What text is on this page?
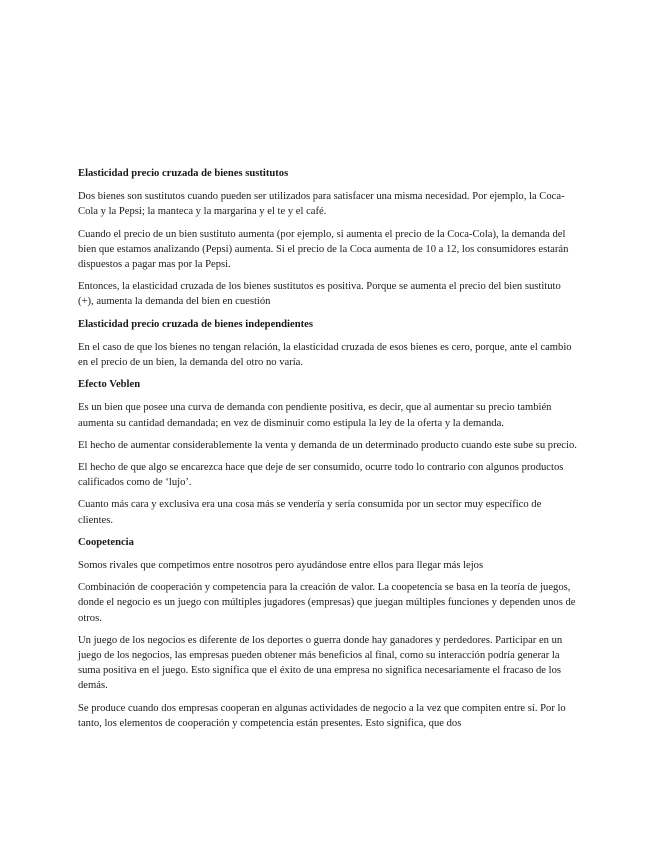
Elasticidad precio cruzada de bienes sustitutos

Dos bienes son sustitutos cuando pueden ser utilizados para satisfacer una misma necesidad. Por ejemplo, la Coca-Cola y la Pepsi; la manteca y la margarina y el te y el café.

Cuando el precio de un bien sustituto aumenta (por ejemplo, si aumenta el precio de la Coca-Cola), la demanda del bien que estamos analizando (Pepsi) aumenta. Si el precio de la Coca aumenta de 10 a 12, los consumidores estarán dispuestos a pagar mas por la Pepsi.

Entonces, la elasticidad cruzada de los bienes sustitutos es positiva. Porque se aumenta el precio del bien sustituto (+), aumenta la demanda del bien en cuestión

Elasticidad precio cruzada de bienes independientes

En el caso de que los bienes no tengan relación, la elasticidad cruzada de esos bienes es cero, porque, ante el cambio en el precio de un bien, la demanda del otro no varía.

Efecto Veblen

Es un bien que posee una curva de demanda con pendiente positiva, es decir, que al aumentar su precio también aumenta su cantidad demandada; en vez de disminuir como estipula la ley de la oferta y la demanda.

El hecho de aumentar considerablemente la venta y demanda de un determinado producto cuando este sube su precio.

El hecho de que algo se encarezca hace que deje de ser consumido, ocurre todo lo contrario con algunos productos calificados como de ‘lujo’.

Cuanto más cara y exclusiva era una cosa más se vendería y sería consumida por un sector muy específico de clientes.

Coopetencia

Somos rivales que competimos entre nosotros pero ayudándose entre ellos para llegar más lejos

Combinación de cooperación y competencia para la creación de valor. La coopetencia se basa en la teoría de juegos, donde el negocio es un juego con múltiples jugadores (empresas) que juegan múltiples funciones y dependen unos de otros.

Un juego de los negocios es diferente de los deportes o guerra donde hay ganadores y perdedores. Participar en un juego de los negocios, las empresas pueden obtener más beneficios al final, como su interacción podría generar la suma positiva en el juego. Esto significa que el éxito de una empresa no significa necesariamente el fracaso de los demás.

Se produce cuando dos empresas cooperan en algunas actividades de negocio a la vez que compiten entre sí. Por lo tanto, los elementos de cooperación y competencia están presentes. Esto significa, que dos
